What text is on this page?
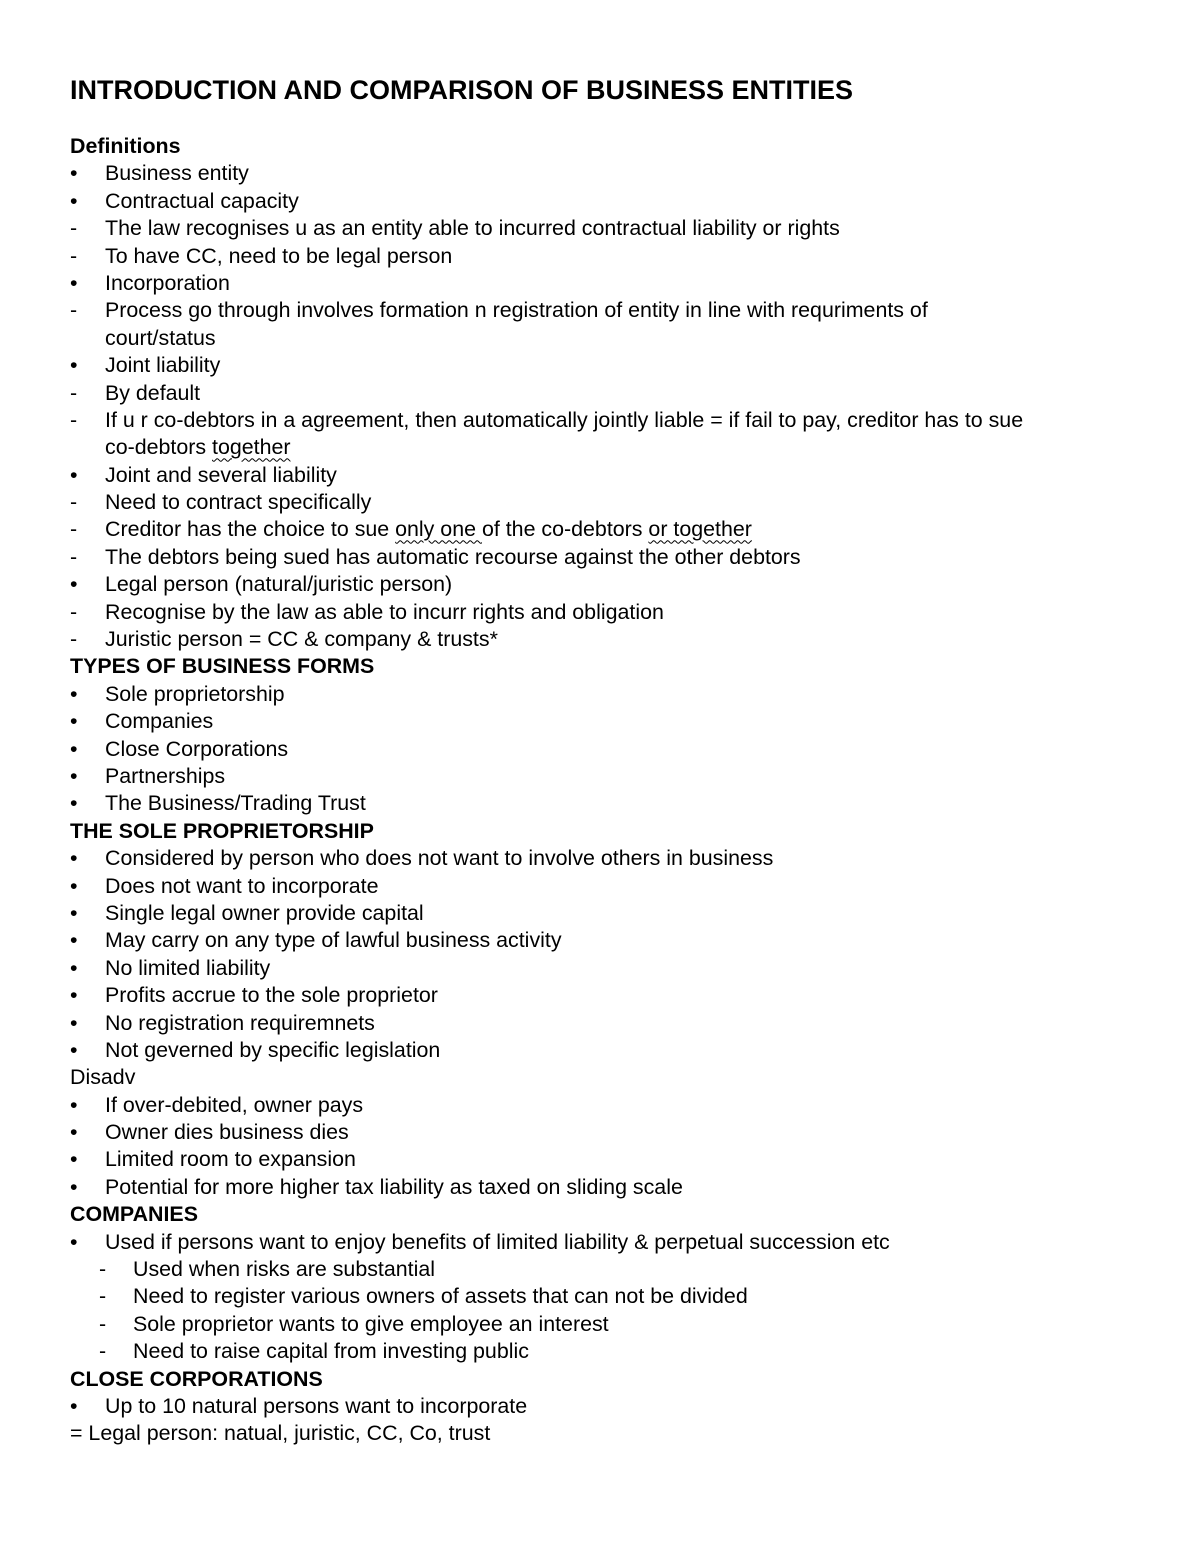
INTRODUCTION AND COMPARISON OF BUSINESS ENTITIES
Definitions
• Business entity
• Contractual capacity
- The law recognises u as an entity able to incurred contractual liability or rights
- To have CC, need to be legal person
• Incorporation
- Process go through involves formation n registration of entity in line with requriments of
court/status
• Joint liability
- By default
- If u r co-debtors in a agreement, then automatically jointly liable = if fail to pay, creditor has to sue
co-debtors together
• Joint and several liability
- Need to contract specifically
- Creditor has the choice to sue only one of the co-debtors or together
- The debtors being sued has automatic recourse against the other debtors
• Legal person (natural/juristic person)
- Recognise by the law as able to incurr rights and obligation
- Juristic person = CC & company & trusts*
TYPES OF BUSINESS FORMS
• Sole proprietorship
• Companies
• Close Corporations
• Partnerships
• The Business/Trading Trust
THE SOLE PROPRIETORSHIP
• Considered by person who does not want to involve others in business
• Does not want to incorporate
• Single legal owner provide capital
• May carry on any type of lawful business activity
• No limited liability
• Profits accrue to the sole proprietor
• No registration requiremnets
• Not geverned by specific legislation
Disadv
• If over-debited, owner pays
• Owner dies business dies
• Limited room to expansion
• Potential for more higher tax liability as taxed on sliding scale
COMPANIES
• Used if persons want to enjoy benefits of limited liability & perpetual succession etc
- Used when risks are substantial
- Need to register various owners of assets that can not be divided
- Sole proprietor wants to give employee an interest
- Need to raise capital from investing public
CLOSE CORPORATIONS
• Up to 10 natural persons want to incorporate
= Legal person: natual, juristic, CC, Co, trust
